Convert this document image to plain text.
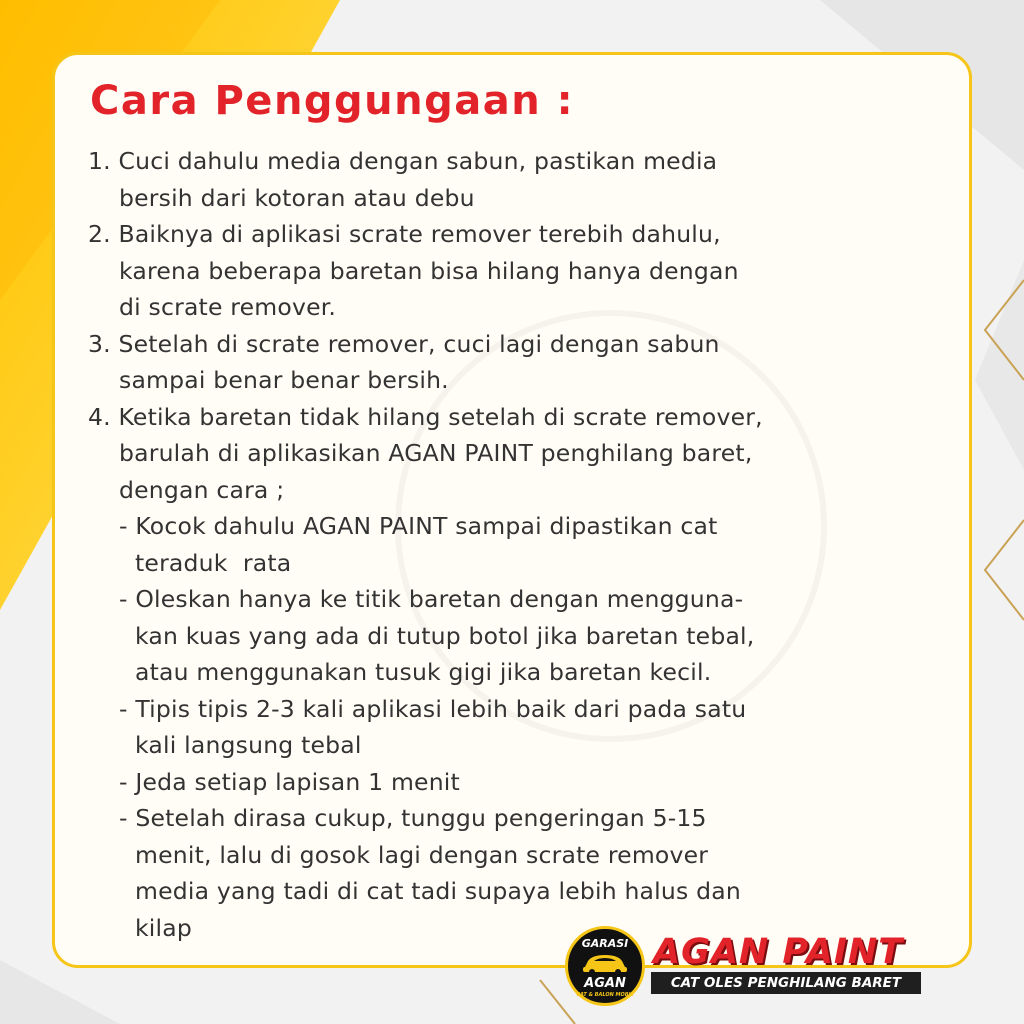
Cara Penggungaan :
1. Cuci dahulu media dengan sabun, pastikan media
bersih dari kotoran atau debu
2. Baiknya di aplikasi scrate remover terebih dahulu,
karena beberapa baretan bisa hilang hanya dengan
di scrate remover.
3. Setelah di scrate remover, cuci lagi dengan sabun
sampai benar benar bersih.
4. Ketika baretan tidak hilang setelah di scrate remover,
barulah di aplikasikan AGAN PAINT penghilang baret,
dengan cara ;
- Kocok dahulu AGAN PAINT sampai dipastikan cat
teraduk  rata
- Oleskan hanya ke titik baretan dengan mengguna-
kan kuas yang ada di tutup botol jika baretan tebal,
atau menggunakan tusuk gigi jika baretan kecil.
- Tipis tipis 2-3 kali aplikasi lebih baik dari pada satu
kali langsung tebal
- Jeda setiap lapisan 1 menit
- Setelah dirasa cukup, tunggu pengeringan 5-15
menit, lalu di gosok lagi dengan scrate remover
media yang tadi di cat tadi supaya lebih halus dan
kilap
GARASI
AGAN
CAT & BALON MOBIL
AGAN PAINT
CAT OLES PENGHILANG BARET
